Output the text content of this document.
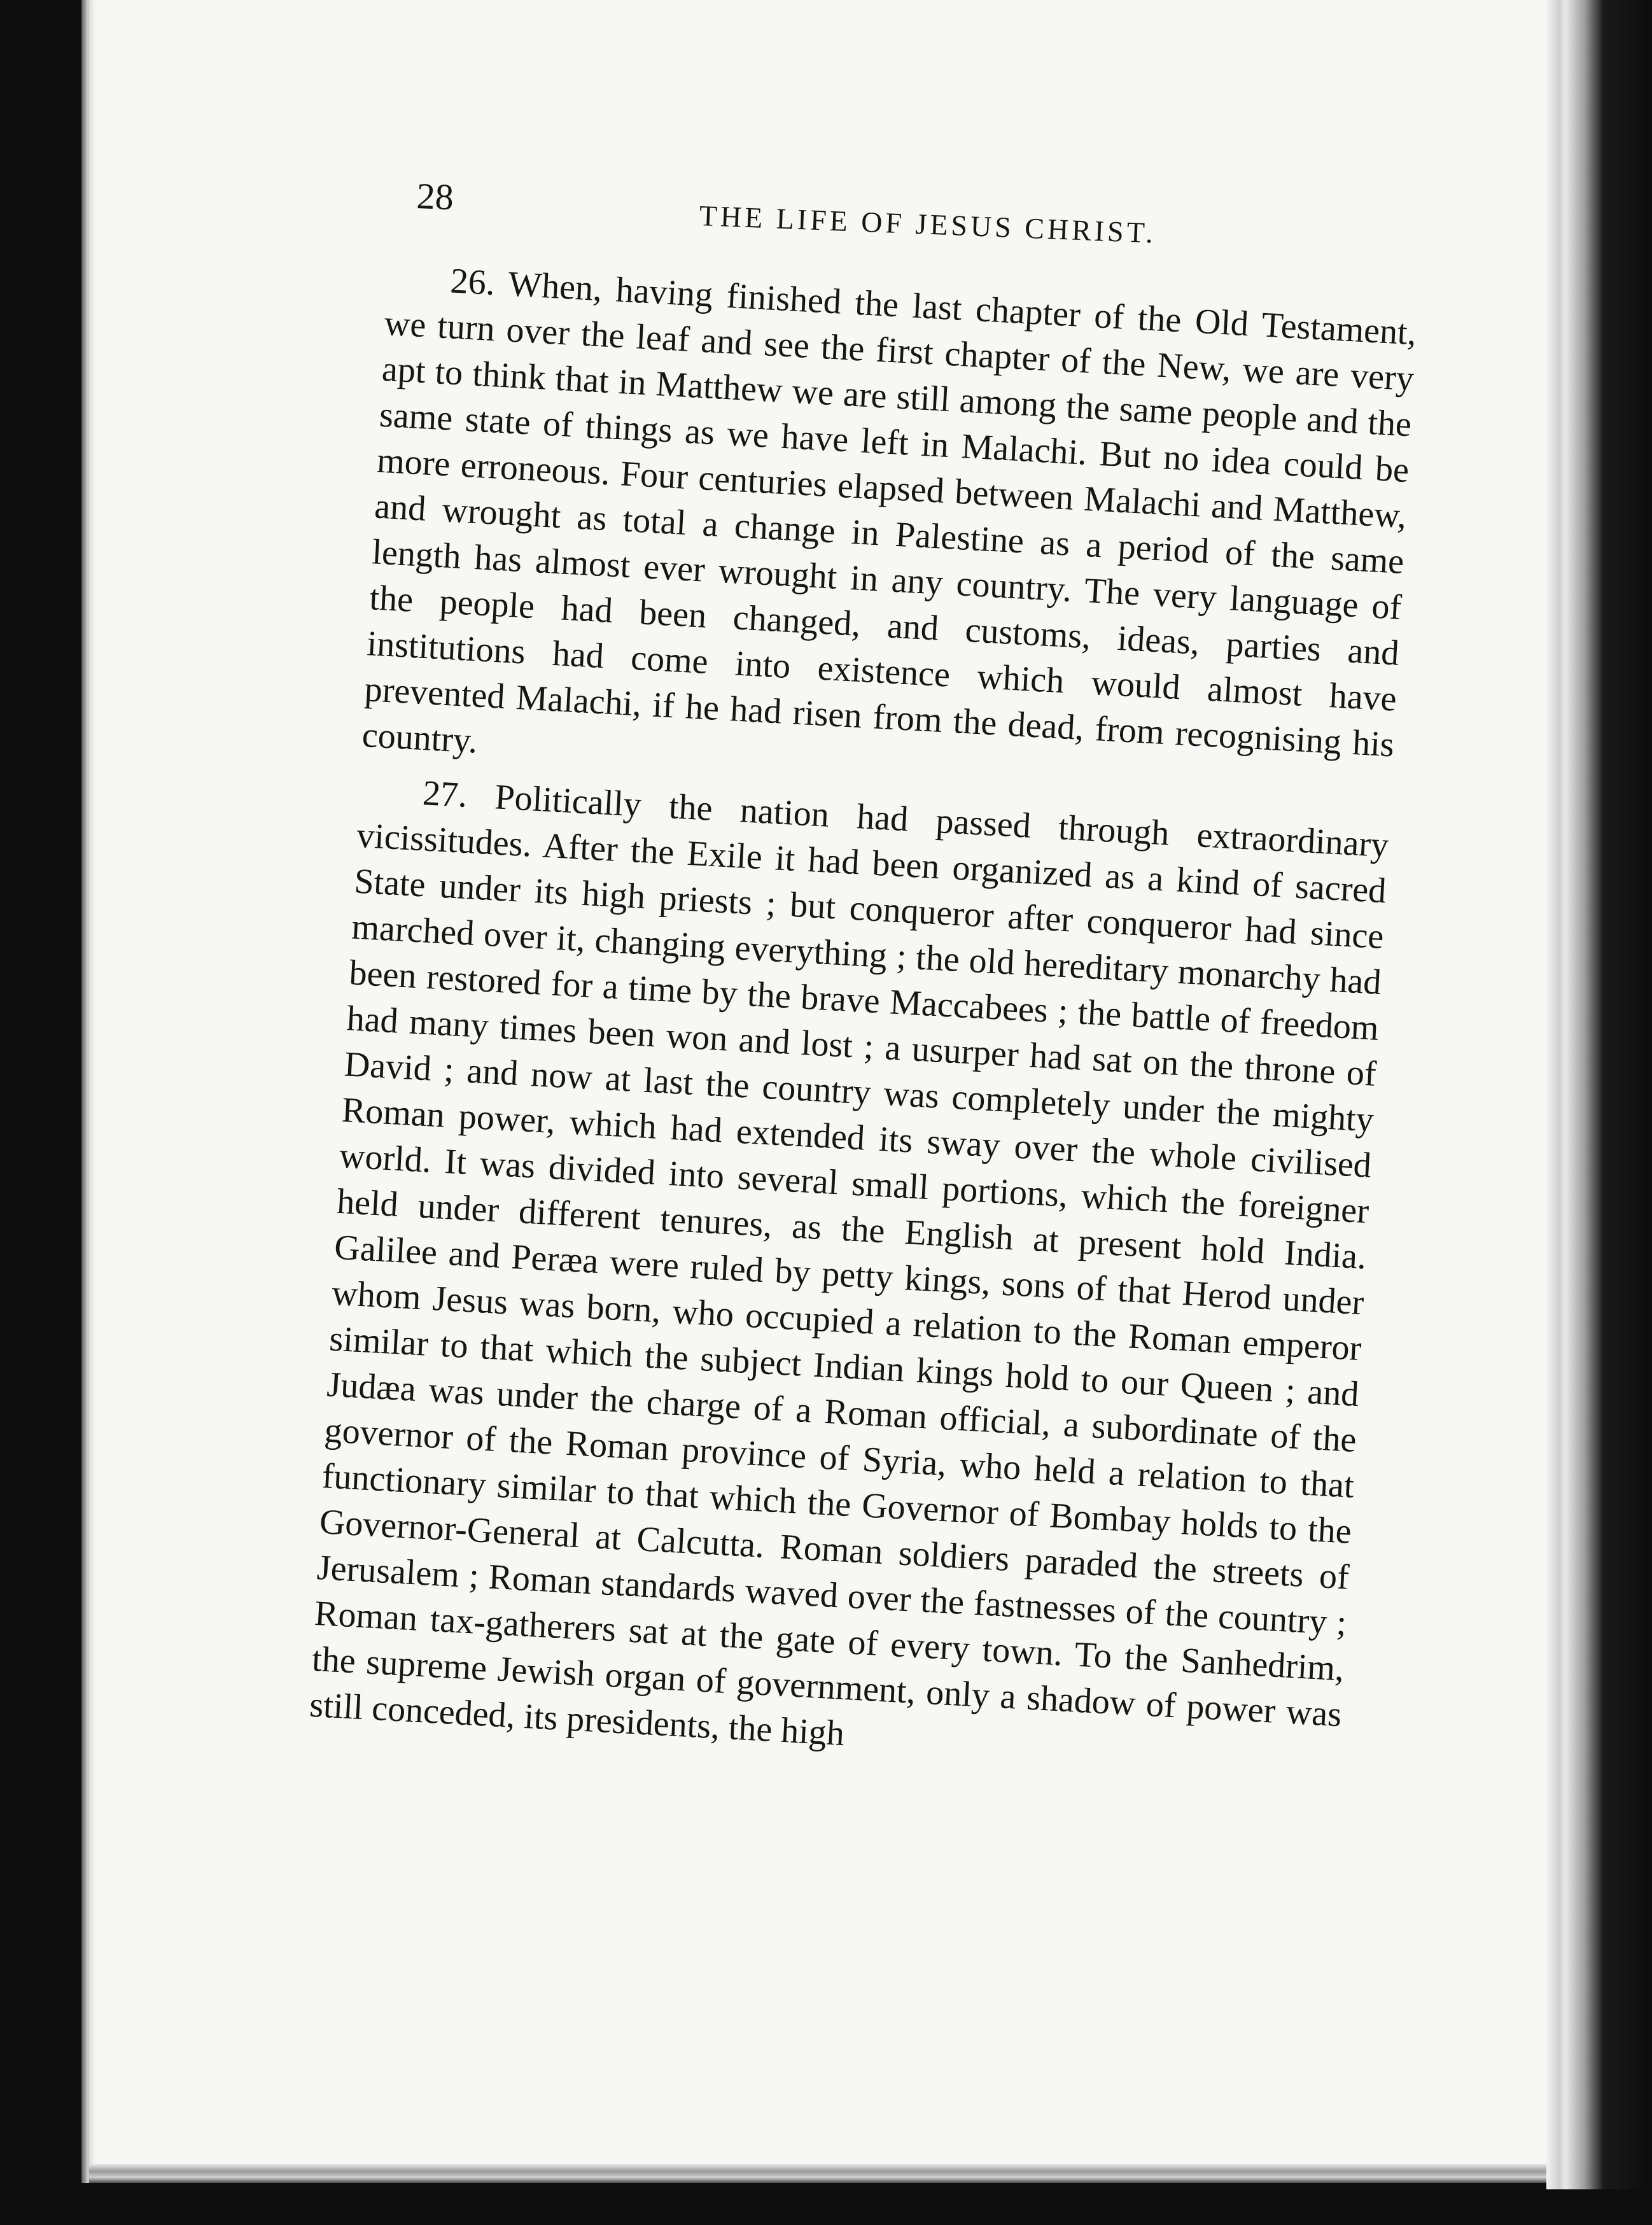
28
THE LIFE OF JESUS CHRIST.

26. When, having finished the last chapter of the Old Testament, we turn over the leaf and see the first chapter of the New, we are very apt to think that in Matthew we are still among the same people and the same state of things as we have left in Malachi. But no idea could be more erroneous. Four centuries elapsed between Malachi and Matthew, and wrought as total a change in Palestine as a period of the same length has almost ever wrought in any country. The very language of the people had been changed, and customs, ideas, parties and institutions had come into existence which would almost have prevented Malachi, if he had risen from the dead, from recognising his country.

27. Politically the nation had passed through extraordinary vicissitudes. After the Exile it had been organized as a kind of sacred State under its high priests ; but conqueror after conqueror had since marched over it, changing everything ; the old hereditary monarchy had been restored for a time by the brave Maccabees ; the battle of freedom had many times been won and lost ; a usurper had sat on the throne of David ; and now at last the country was completely under the mighty Roman power, which had extended its sway over the whole civilised world. It was divided into several small portions, which the foreigner held under different tenures, as the English at present hold India. Galilee and Peræa were ruled by petty kings, sons of that Herod under whom Jesus was born, who occupied a relation to the Roman emperor similar to that which the subject Indian kings hold to our Queen ; and Judæa was under the charge of a Roman official, a subordinate of the governor of the Roman province of Syria, who held a relation to that functionary similar to that which the Governor of Bombay holds to the Governor-General at Calcutta. Roman soldiers paraded the streets of Jerusalem ; Roman standards waved over the fastnesses of the country ; Roman tax-gatherers sat at the gate of every town. To the Sanhedrim, the supreme Jewish organ of government, only a shadow of power was still conceded, its presidents, the high
